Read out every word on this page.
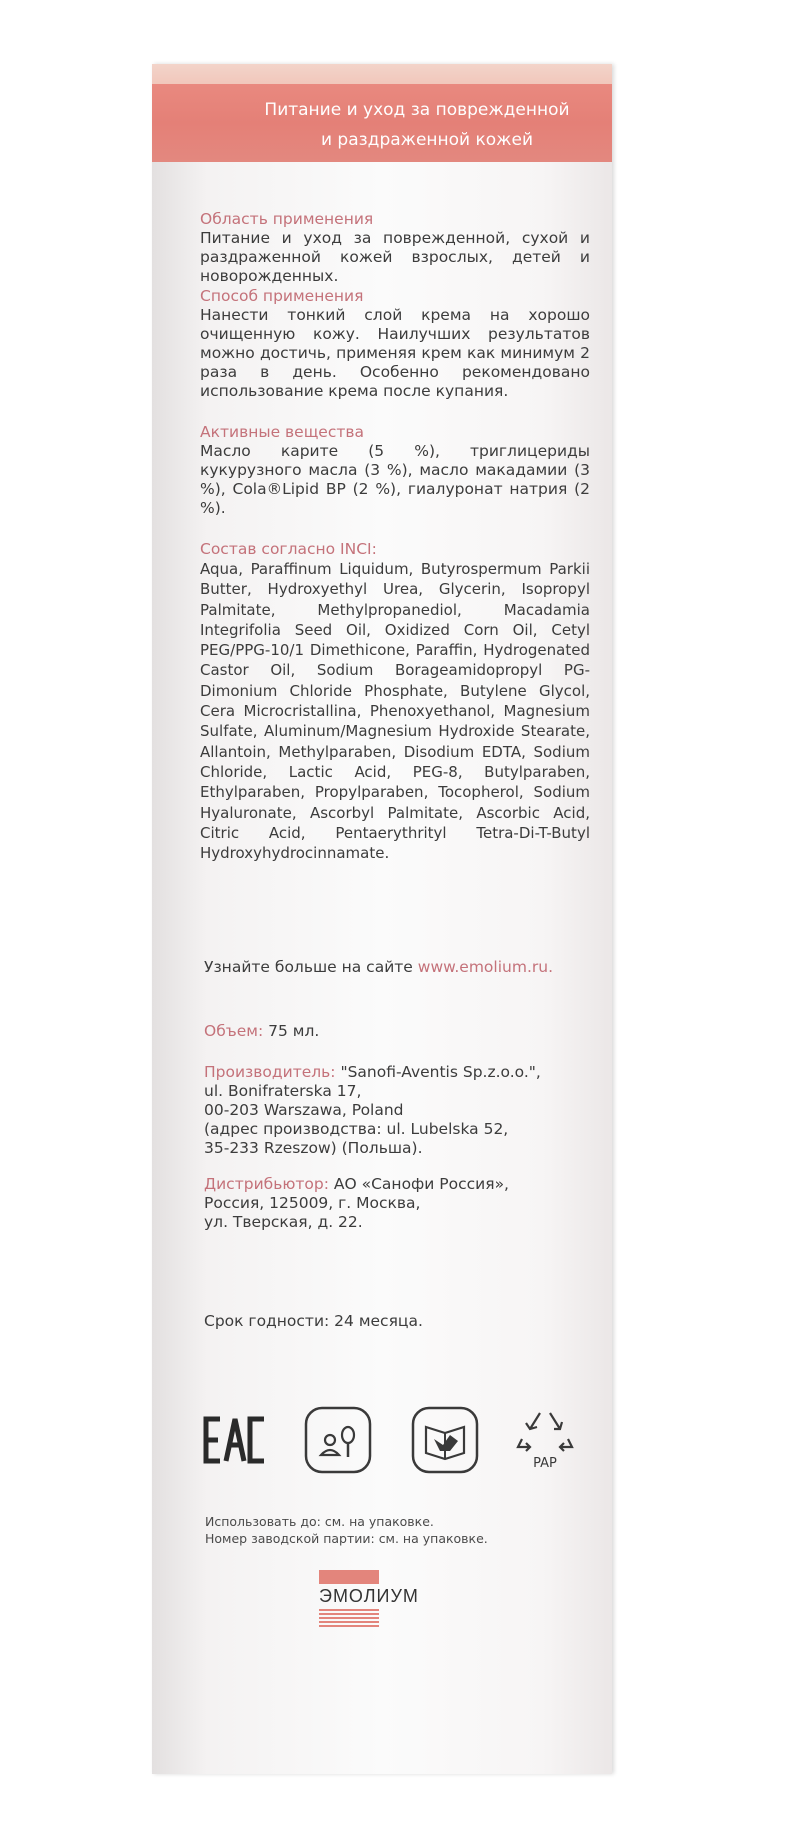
Питание и уход за поврежденной
и раздраженной кожей
Область применения
Питание и уход за поврежденной, сухой и раздраженной кожей взрослых, детей и новорожденных.
Способ применения
Нанести тонкий слой крема на хорошо очищенную кожу. Наилучших результатов можно достичь, применяя крем как минимум 2 раза в день. Особенно рекомендовано использование крема после купания.
Активные вещества
Масло карите (5 %), триглицериды кукурузного масла (3 %), масло макадамии (3 %), Cola®Lipid BP (2 %), гиалуронат натрия (2 %).
Состав согласно INCI:
Aqua, Paraffinum Liquidum, Butyrospermum Parkii Butter, Hydroxyethyl Urea, Glycerin, Isopropyl Palmitate, Methylpropanediol, Macadamia Integrifolia Seed Oil, Oxidized Corn Oil, Cetyl PEG/PPG-10/1 Dimethicone, Paraffin, Hydrogenated Castor Oil, Sodium Borageamidopropyl PG-Dimonium Chloride Phosphate, Butylene Glycol, Cera Microcristallina, Phenoxyethanol, Magnesium Sulfate, Aluminum/Magnesium Hydroxide Stearate, Allantoin, Methylparaben, Disodium EDTA, Sodium Chloride, Lactic Acid, PEG-8, Butylparaben, Ethylparaben, Propylparaben, Tocopherol, Sodium Hyaluronate, Ascorbyl Palmitate, Ascorbic Acid, Citric Acid, Pentaerythrityl Tetra-Di-T-Butyl Hydroxyhydrocinnamate.
Узнайте больше на сайте www.emolium.ru.
Объем: 75 мл.
Производитель: "Sanofi-Aventis Sp.z.o.o.",
ul. Bonifraterska 17,
00-203 Warszawa, Poland
(адрес производства: ul. Lubelska 52,
35-233 Rzeszow) (Польша).
Дистрибьютор: АО «Санофи Россия»,
Россия, 125009, г. Москва,
ул. Тверская, д. 22.
Срок годности: 24 месяца.
PAP
Использовать до: см. на упаковке.
Номер заводской партии: см. на упаковке.
ЭМОЛИУМ
